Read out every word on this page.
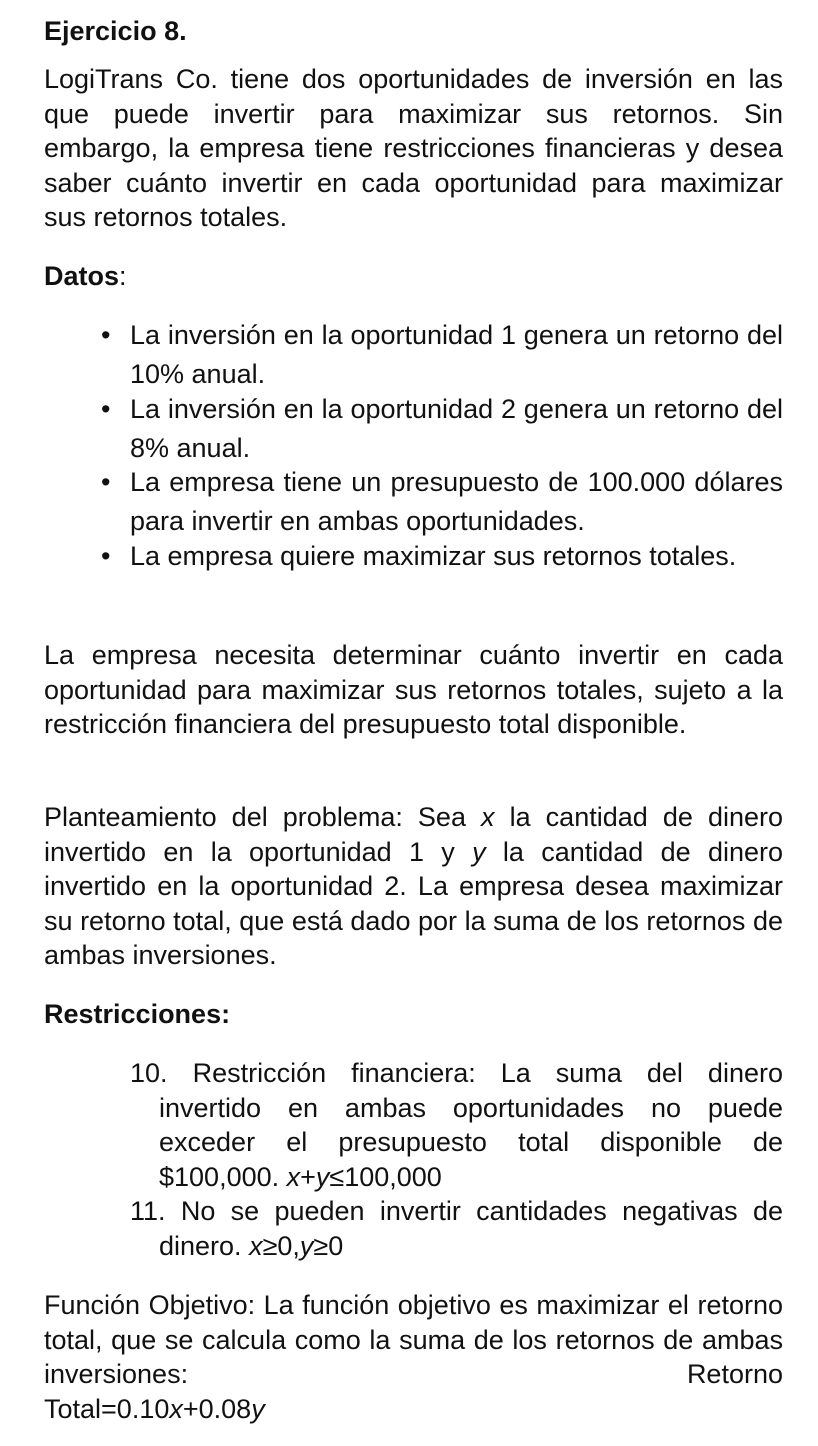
Ejercicio 8.

LogiTrans Co. tiene dos oportunidades de inversión en las que puede invertir para maximizar sus retornos. Sin embargo, la empresa tiene restricciones financieras y desea saber cuánto invertir en cada oportunidad para maximizar sus retornos totales.

Datos:

• La inversión en la oportunidad 1 genera un retorno del 10% anual.
• La inversión en la oportunidad 2 genera un retorno del 8% anual.
• La empresa tiene un presupuesto de 100.000 dólares para invertir en ambas oportunidades.
• La empresa quiere maximizar sus retornos totales.

La empresa necesita determinar cuánto invertir en cada oportunidad para maximizar sus retornos totales, sujeto a la restricción financiera del presupuesto total disponible.

Planteamiento del problema: Sea x la cantidad de dinero invertido en la oportunidad 1 y y la cantidad de dinero invertido en la oportunidad 2. La empresa desea maximizar su retorno total, que está dado por la suma de los retornos de ambas inversiones.

Restricciones:

10. Restricción financiera: La suma del dinero invertido en ambas oportunidades no puede exceder el presupuesto total disponible de $100,000. x+y≤100,000
11. No se pueden invertir cantidades negativas de dinero. x≥0,y≥0

Función Objetivo: La función objetivo es maximizar el retorno total, que se calcula como la suma de los retornos de ambas inversiones:	Retorno

Total=0.10x+0.08y
